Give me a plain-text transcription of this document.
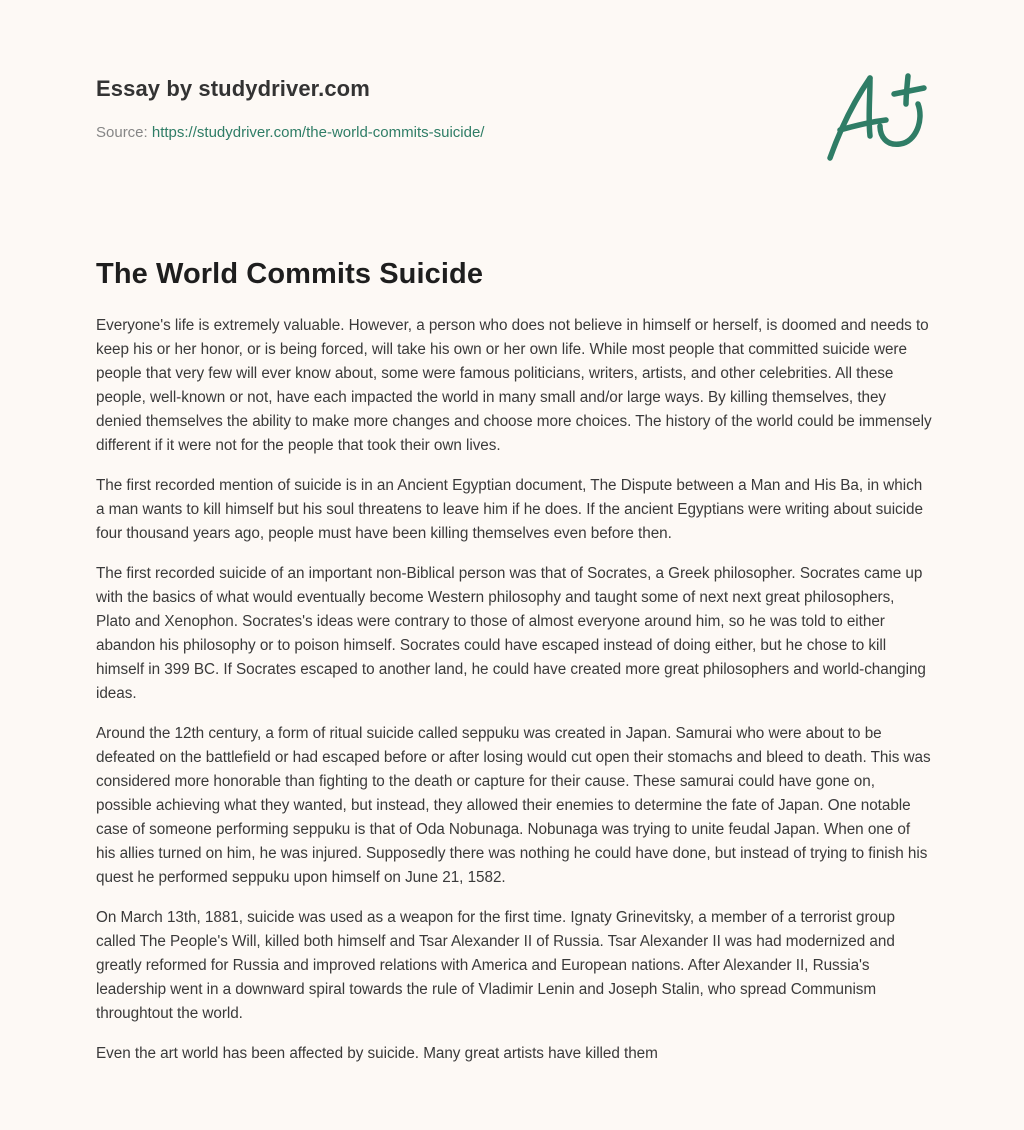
Essay by studydriver.com
Source: https://studydriver.com/the-world-commits-suicide/
The World Commits Suicide

Everyone's life is extremely valuable. However, a person who does not believe in himself or herself, is doomed and needs to keep his or her honor, or is being forced, will take his own or her own life. While most people that committed suicide were people that very few will ever know about, some were famous politicians, writers, artists, and other celebrities. All these people, well-known or not, have each impacted the world in many small and/or large ways. By killing themselves, they denied themselves the ability to make more changes and choose more choices. The history of the world could be immensely different if it were not for the people that took their own lives.

The first recorded mention of suicide is in an Ancient Egyptian document, The Dispute between a Man and His Ba, in which a man wants to kill himself but his soul threatens to leave him if he does. If the ancient Egyptians were writing about suicide four thousand years ago, people must have been killing themselves even before then.

The first recorded suicide of an important non-Biblical person was that of Socrates, a Greek philosopher. Socrates came up with the basics of what would eventually become Western philosophy and taught some of next next great philosophers, Plato and Xenophon. Socrates's ideas were contrary to those of almost everyone around him, so he was told to either abandon his philosophy or to poison himself. Socrates could have escaped instead of doing either, but he chose to kill himself in 399 BC. If Socrates escaped to another land, he could have created more great philosophers and world-changing ideas.

Around the 12th century, a form of ritual suicide called seppuku was created in Japan. Samurai who were about to be defeated on the battlefield or had escaped before or after losing would cut open their stomachs and bleed to death. This was considered more honorable than fighting to the death or capture for their cause. These samurai could have gone on, possible achieving what they wanted, but instead, they allowed their enemies to determine the fate of Japan. One notable case of someone performing seppuku is that of Oda Nobunaga. Nobunaga was trying to unite feudal Japan. When one of his allies turned on him, he was injured. Supposedly there was nothing he could have done, but instead of trying to finish his quest he performed seppuku upon himself on June 21, 1582.

On March 13th, 1881, suicide was used as a weapon for the first time. Ignaty Grinevitsky, a member of a terrorist group called The People's Will, killed both himself and Tsar Alexander II of Russia. Tsar Alexander II was had modernized and greatly reformed for Russia and improved relations with America and European nations. After Alexander II, Russia's leadership went in a downward spiral towards the rule of Vladimir Lenin and Joseph Stalin, who spread Communism throughtout the world.

Even the art world has been affected by suicide. Many great artists have killed them
